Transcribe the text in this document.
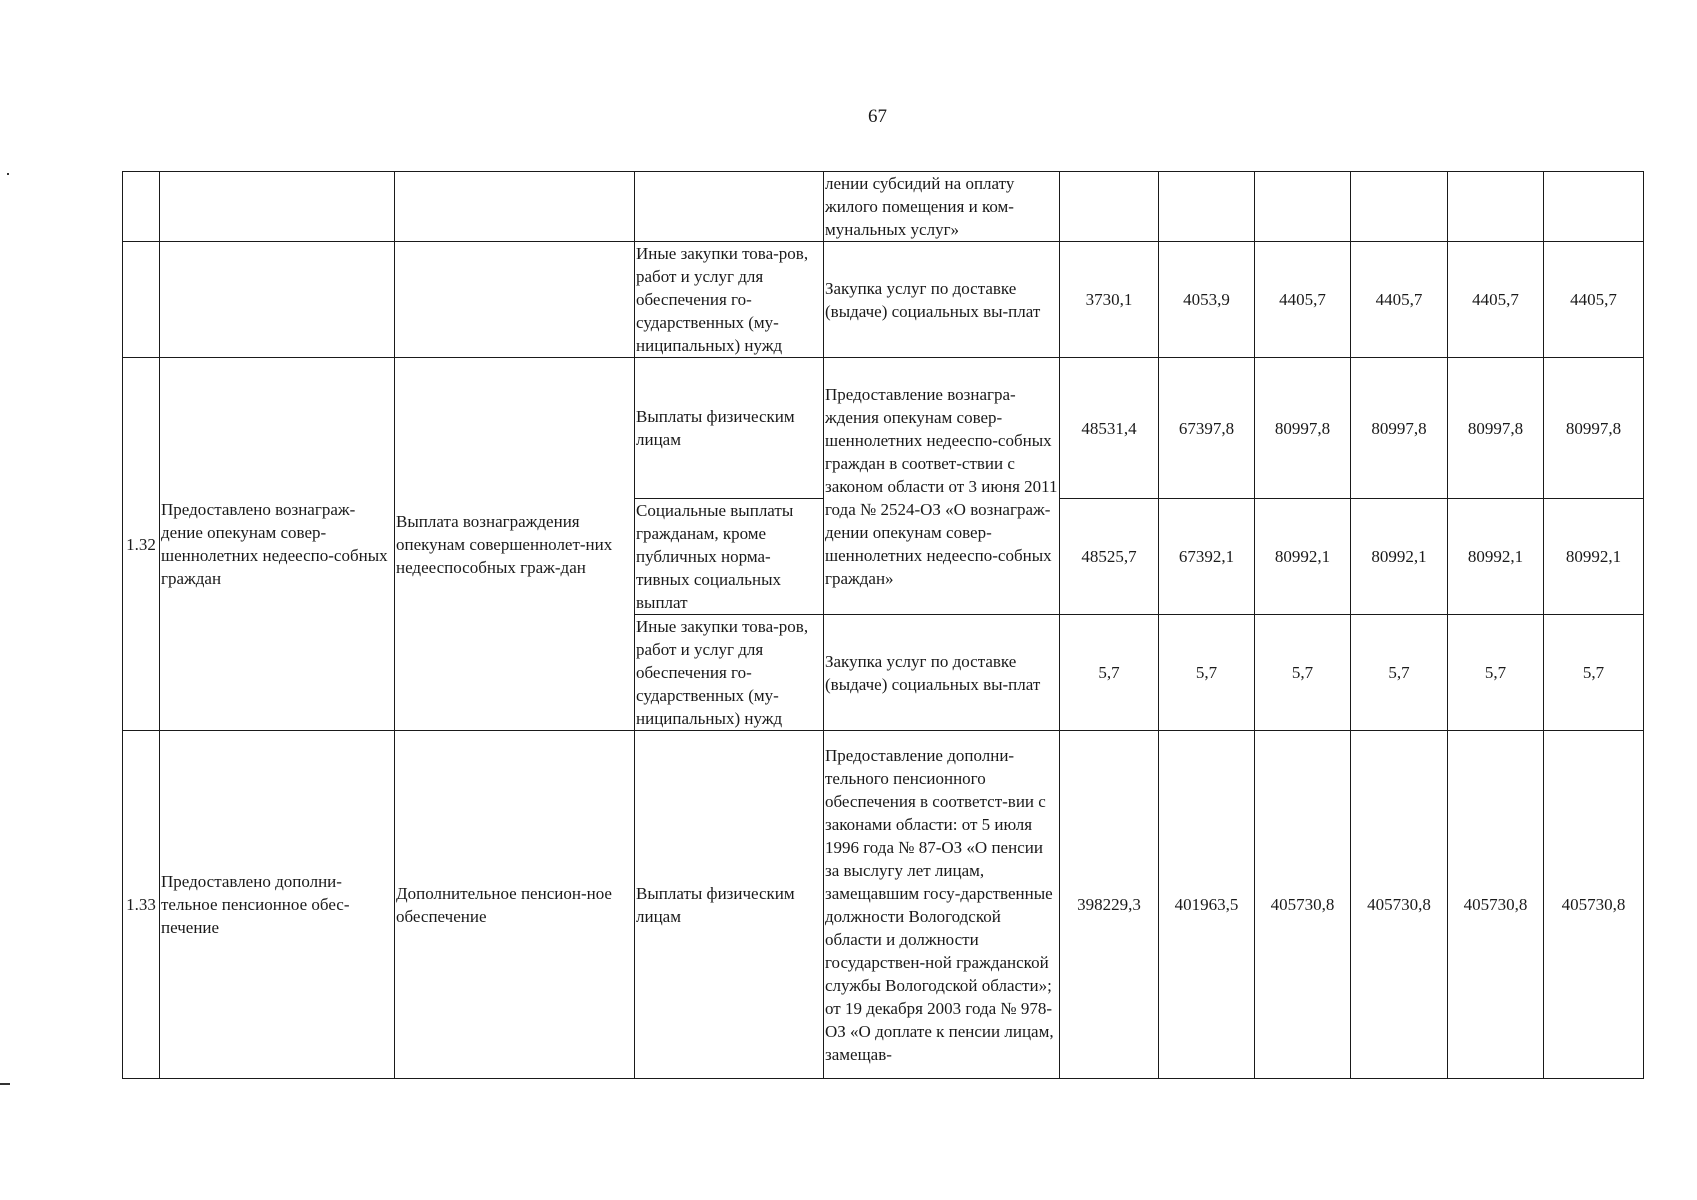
67
				лении субсидий на оплату жилого помещения и ком-мунальных услуг»						
			Иные закупки това-ров, работ и услуг для обеспечения го-сударственных (му-ниципальных) нужд	Закупка услуг по доставке (выдаче) социальных вы-плат	3730,1	4053,9	4405,7	4405,7	4405,7	4405,7
1.32	Предоставлено вознаграж-дение опекунам совер-шеннолетних недееспо-собных граждан	Выплата вознаграждения опекунам совершеннолет-них недееспособных граж-дан	Выплаты физическим лицам	Предоставление вознагра-ждения опекунам совер-шеннолетних недееспо-собных граждан в соответ-ствии с законом области от 3 июня 2011 года № 2524-ОЗ «О вознаграж-дении опекунам совер-шеннолетних недееспо-собных граждан»	48531,4	67397,8	80997,8	80997,8	80997,8	80997,8
			Социальные выплаты гражданам, кроме публичных норма-тивных социальных выплат		48525,7	67392,1	80992,1	80992,1	80992,1	80992,1
			Иные закупки това-ров, работ и услуг для обеспечения го-сударственных (му-ниципальных) нужд	Закупка услуг по доставке (выдаче) социальных вы-плат	5,7	5,7	5,7	5,7	5,7	5,7
1.33	Предоставлено дополни-тельное пенсионное обес-печение	Дополнительное пенсион-ное обеспечение	Выплаты физическим лицам	Предоставление дополни-тельного пенсионного обеспечения в соответст-вии с законами области: от 5 июля 1996 года № 87-ОЗ «О пенсии за выслугу лет лицам, замещавшим госу-дарственные должности Вологодской области и должности государствен-ной гражданской службы Вологодской области»; от 19 декабря 2003 года № 978-ОЗ «О доплате к пенсии лицам, замещав-	398229,3	401963,5	405730,8	405730,8	405730,8	405730,8
